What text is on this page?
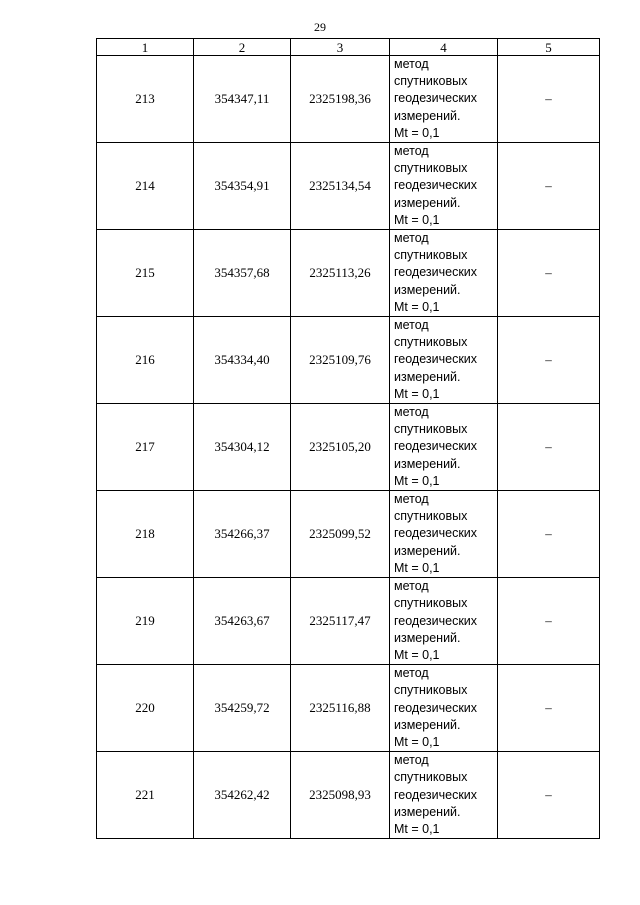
29
1	2	3	4	5
213	354347,11	2325198,36	метод
спутниковых
геодезических
измерений.
Mt = 0,1	–
214	354354,91	2325134,54	метод
спутниковых
геодезических
измерений.
Mt = 0,1	–
215	354357,68	2325113,26	метод
спутниковых
геодезических
измерений.
Mt = 0,1	–
216	354334,40	2325109,76	метод
спутниковых
геодезических
измерений.
Mt = 0,1	–
217	354304,12	2325105,20	метод
спутниковых
геодезических
измерений.
Mt = 0,1	–
218	354266,37	2325099,52	метод
спутниковых
геодезических
измерений.
Mt = 0,1	–
219	354263,67	2325117,47	метод
спутниковых
геодезических
измерений.
Mt = 0,1	–
220	354259,72	2325116,88	метод
спутниковых
геодезических
измерений.
Mt = 0,1	–
221	354262,42	2325098,93	метод
спутниковых
геодезических
измерений.
Mt = 0,1	–
